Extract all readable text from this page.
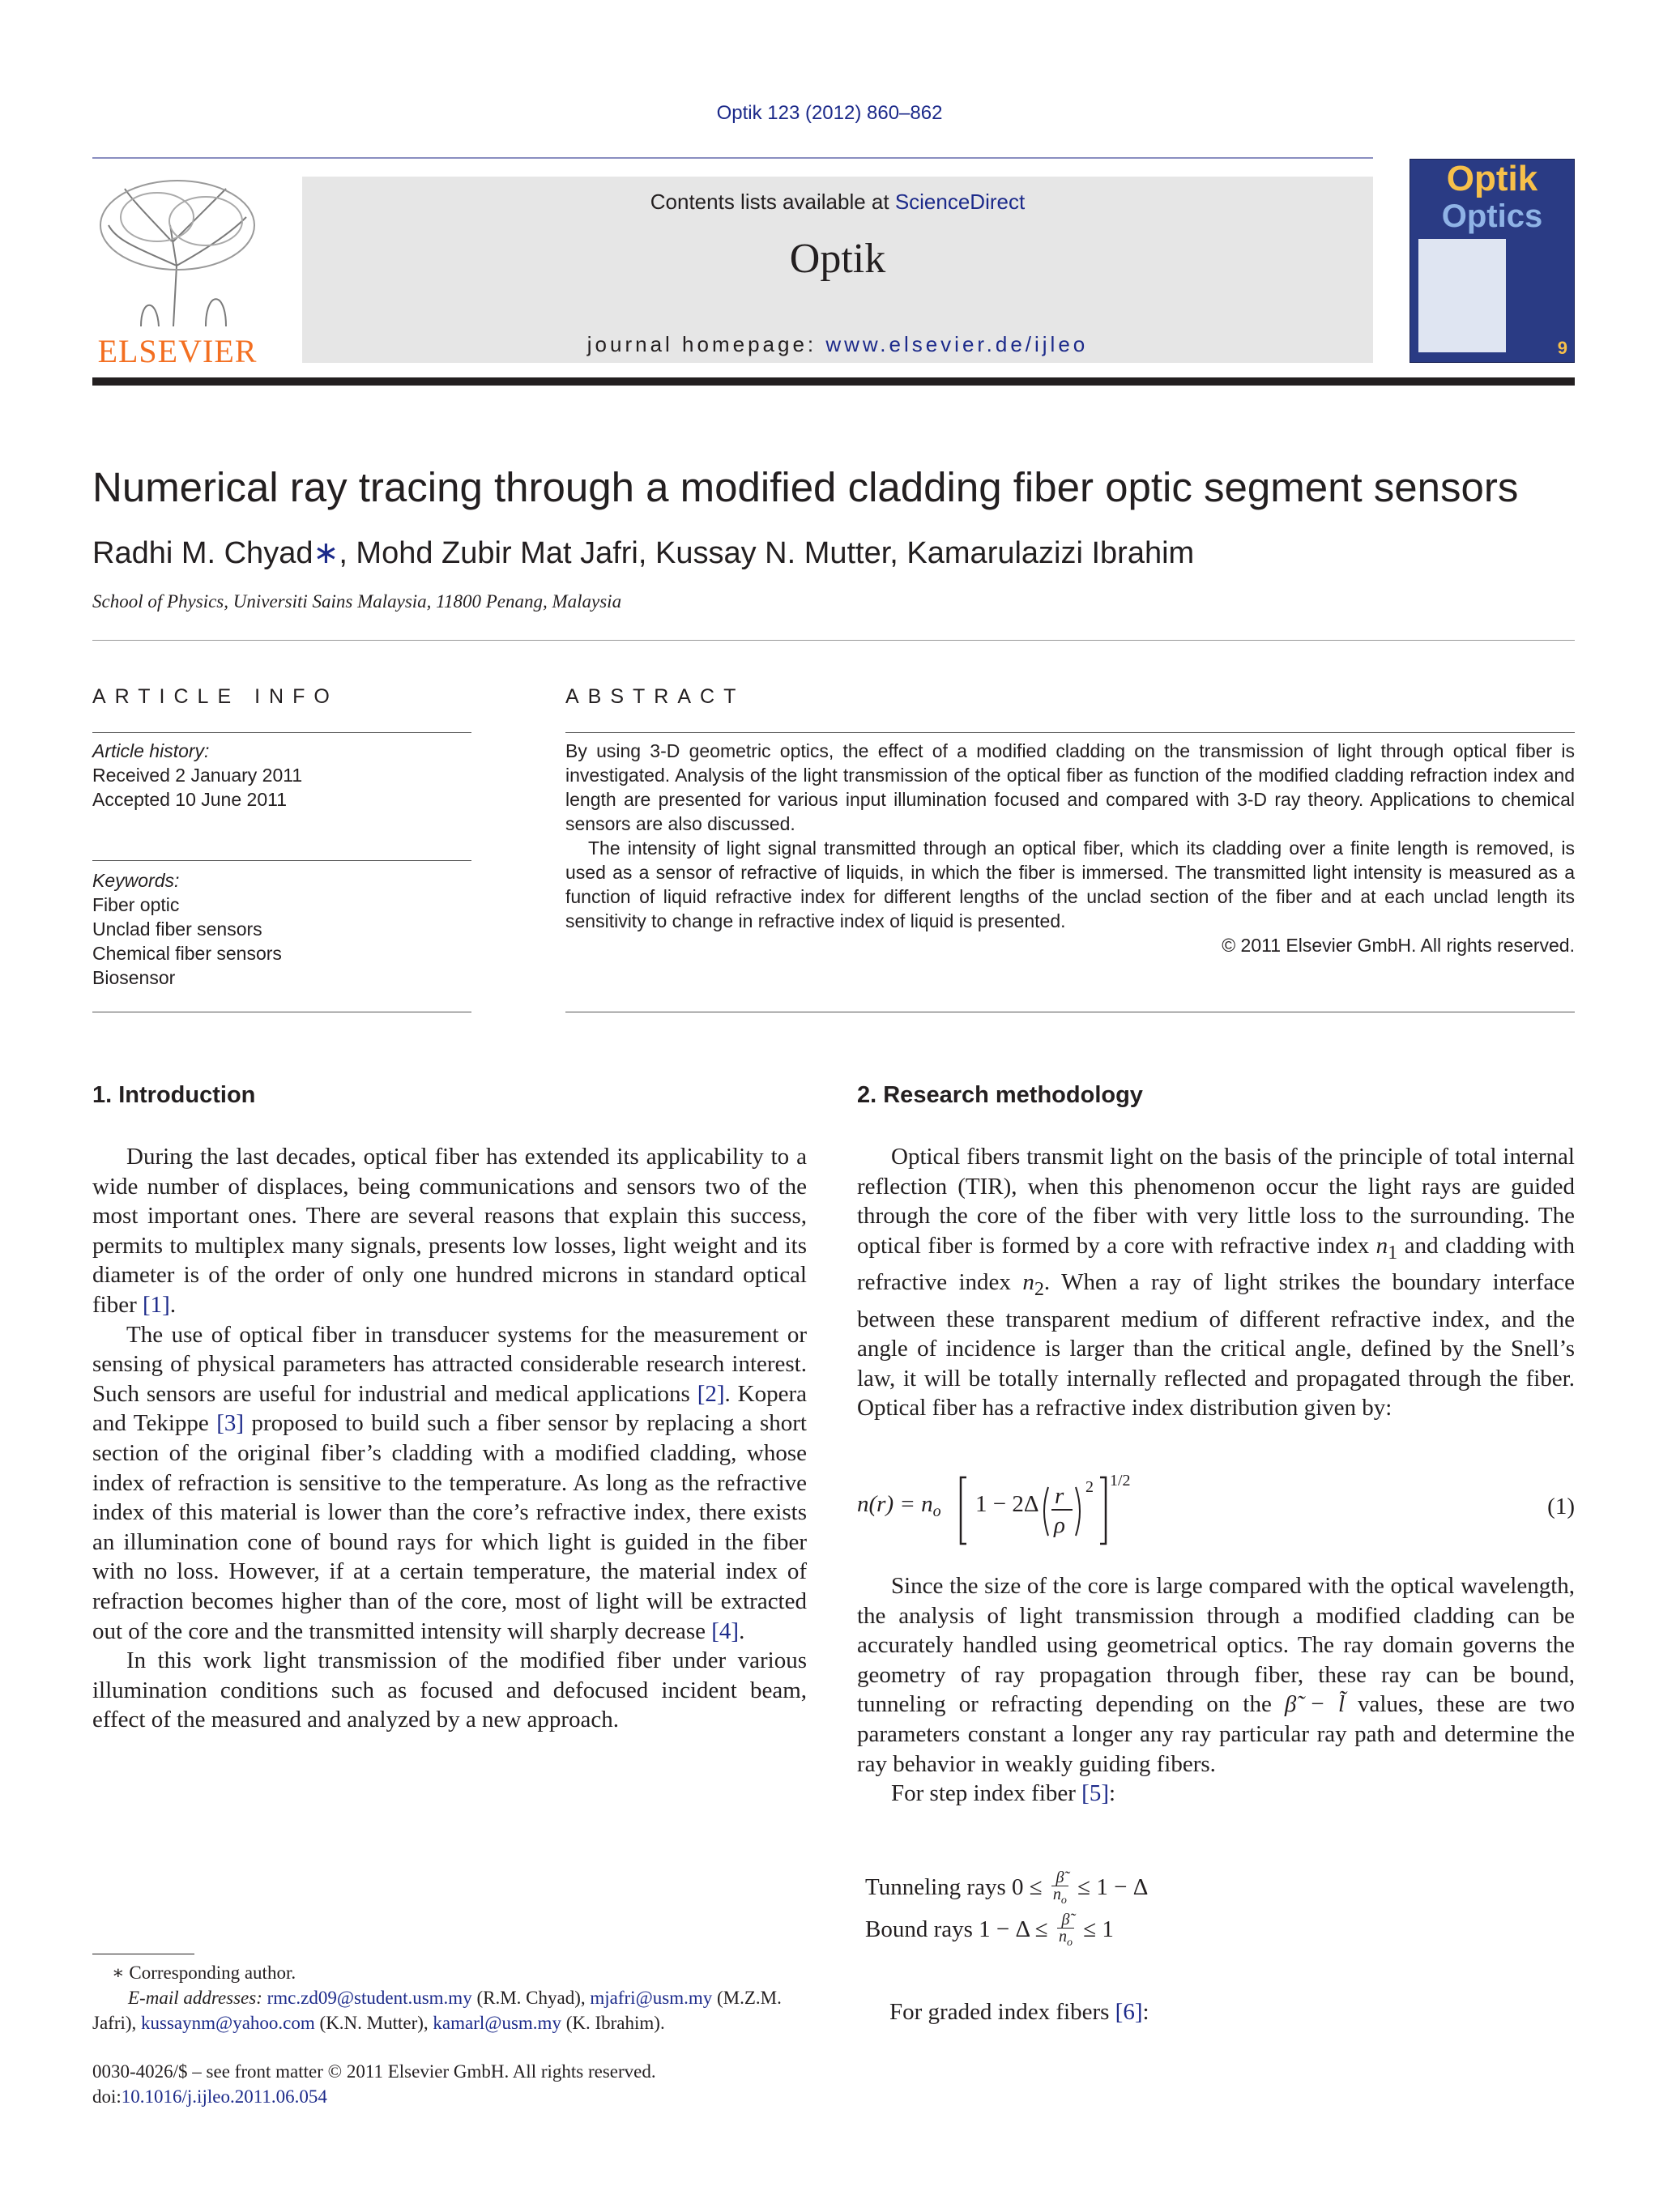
Optik 123 (2012) 860–862
ELSEVIER
Contents lists available at ScienceDirect
Optik
journal homepage: www.elsevier.de/ijleo
Optik
Optics
9
Numerical ray tracing through a modified cladding fiber optic segment sensors
Radhi M. Chyad∗, Mohd Zubir Mat Jafri, Kussay N. Mutter, Kamarulazizi Ibrahim
School of Physics, Universiti Sains Malaysia, 11800 Penang, Malaysia
ARTICLE INFO
Article history:
Received 2 January 2011
Accepted 10 June 2011
Keywords:
Fiber optic
Unclad fiber sensors
Chemical fiber sensors
Biosensor
ABSTRACT

By using 3-D geometric optics, the effect of a modified cladding on the transmission of light through optical fiber is investigated. Analysis of the light transmission of the optical fiber as function of the modified cladding refraction index and length are presented for various input illumination focused and compared with 3-D ray theory. Applications to chemical sensors are also discussed.

The intensity of light signal transmitted through an optical fiber, which its cladding over a finite length is removed, is used as a sensor of refractive of liquids, in which the fiber is immersed. The transmitted light intensity is measured as a function of liquid refractive index for different lengths of the unclad section of the fiber and at each unclad length its sensitivity to change in refractive index of liquid is presented.

© 2011 Elsevier GmbH. All rights reserved.

1. Introduction

During the last decades, optical fiber has extended its applicability to a wide number of displaces, being communications and sensors two of the most important ones. There are several reasons that explain this success, permits to multiplex many signals, presents low losses, light weight and its diameter is of the order of only one hundred microns in standard optical fiber [1].

The use of optical fiber in transducer systems for the measurement or sensing of physical parameters has attracted considerable research interest. Such sensors are useful for industrial and medical applications [2]. Kopera and Tekippe [3] proposed to build such a fiber sensor by replacing a short section of the original fiber’s cladding with a modified cladding, whose index of refraction is sensitive to the temperature. As long as the refractive index of this material is lower than the core’s refractive index, there exists an illumination cone of bound rays for which light is guided in the fiber with no loss. However, if at a certain temperature, the material index of refraction becomes higher than of the core, most of light will be extracted out of the core and the transmitted intensity will sharply decrease [4].

In this work light transmission of the modified fiber under various illumination conditions such as focused and defocused incident beam, effect of the measured and analyzed by a new approach.

∗ Corresponding author.
E-mail addresses: rmc.zd09@student.usm.my (R.M. Chyad), mjafri@usm.my (M.Z.M. Jafri), kussaynm@yahoo.com (K.N. Mutter), kamarl@usm.my (K. Ibrahim).
0030-4026/$ – see front matter © 2011 Elsevier GmbH. All rights reserved.
doi:10.1016/j.ijleo.2011.06.054
2. Research methodology

Optical fibers transmit light on the basis of the principle of total internal reflection (TIR), when this phenomenon occur the light rays are guided through the core of the fiber with very little loss to the surrounding. The optical fiber is formed by a core with refractive index $n_1$ and cladding with refractive index $n_2$. When a ray of light strikes the boundary interface between these transparent medium of different refractive index, and the angle of incidence is larger than the critical angle, defined by the Snell’s law, it will be totally internally reflected and propagated through the fiber. Optical fiber has a refractive index distribution given by:

$n(r) = n_o$ 1 − 2Δ r
ρ
2 1/2
(1)

Since the size of the core is large compared with the optical wavelength, the analysis of light transmission through a modified cladding can be accurately handled using geometrical optics. The ray domain governs the geometry of ray propagation through fiber, these ray can be bound, tunneling or refracting depending on the β̃ − l̃ values, these are two parameters constant a longer any ray particular ray path and determine the ray behavior in weakly guiding fibers.

For step index fiber [5]:

Tunneling rays 0 ≤ β̃
$n_o \le 1 - \Delta$
Bound rays 1 − Δ ≤ β̃
$n_o \le 1$
For graded index fibers [6]:
